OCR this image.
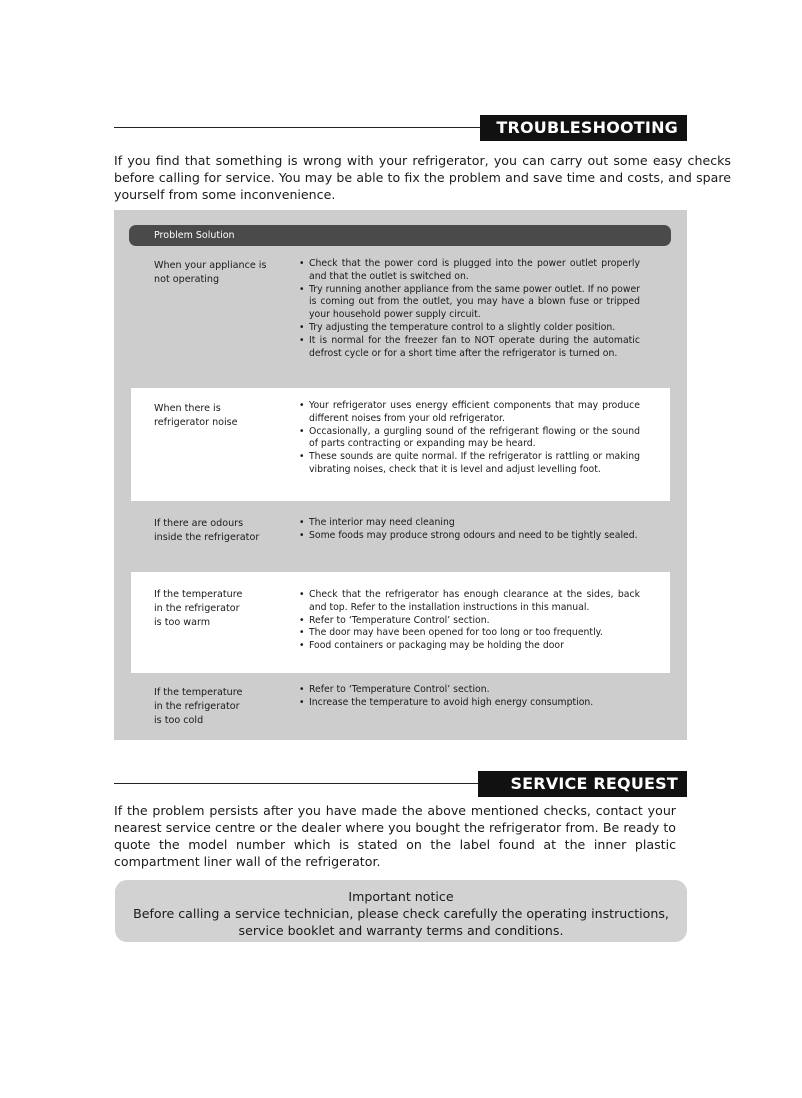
TROUBLESHOOTING

If you find that something is wrong with your refrigerator, you can carry out some easy checks before calling for service. You may be able to fix the problem and save time and costs, and spare yourself from some inconvenience.

Problem Solution

When your appliance is not operating

• Check that the power cord is plugged into the power outlet properly and that the outlet is switched on.
• Try running another appliance from the same power outlet. If no power is coming out from the outlet, you may have a blown fuse or tripped your household power supply circuit.
• Try adjusting the temperature control to a slightly colder position.
• It is normal for the freezer fan to NOT operate during the automatic defrost cycle or for a short time after the refrigerator is turned on.

When there is refrigerator noise

• Your refrigerator uses energy efficient components that may produce different noises from your old refrigerator.
• Occasionally, a gurgling sound of the refrigerant flowing or the sound of parts contracting or expanding may be heard.
• These sounds are quite normal. If the refrigerator is rattling or making vibrating noises, check that it is level and adjust levelling foot.

If there are odours inside the refrigerator

• The interior may need cleaning
• Some foods may produce strong odours and need to be tightly sealed.

If the temperature in the refrigerator is too warm

• Check that the refrigerator has enough clearance at the sides, back and top. Refer to the installation instructions in this manual.
• Refer to ‘Temperature Control’ section.
• The door may have been opened for too long or too frequently.
• Food containers or packaging may be holding the door

If the temperature in the refrigerator is too cold

• Refer to ‘Temperature Control’ section.
• Increase the temperature to avoid high energy consumption.
SERVICE REQUEST

If the problem persists after you have made the above mentioned checks, contact your nearest service centre or the dealer where you bought the refrigerator from. Be ready to quote the model number which is stated on the label found at the inner plastic compartment liner wall of the refrigerator.

Important notice
Before calling a service technician, please check carefully the operating instructions,
service booklet and warranty terms and conditions.
